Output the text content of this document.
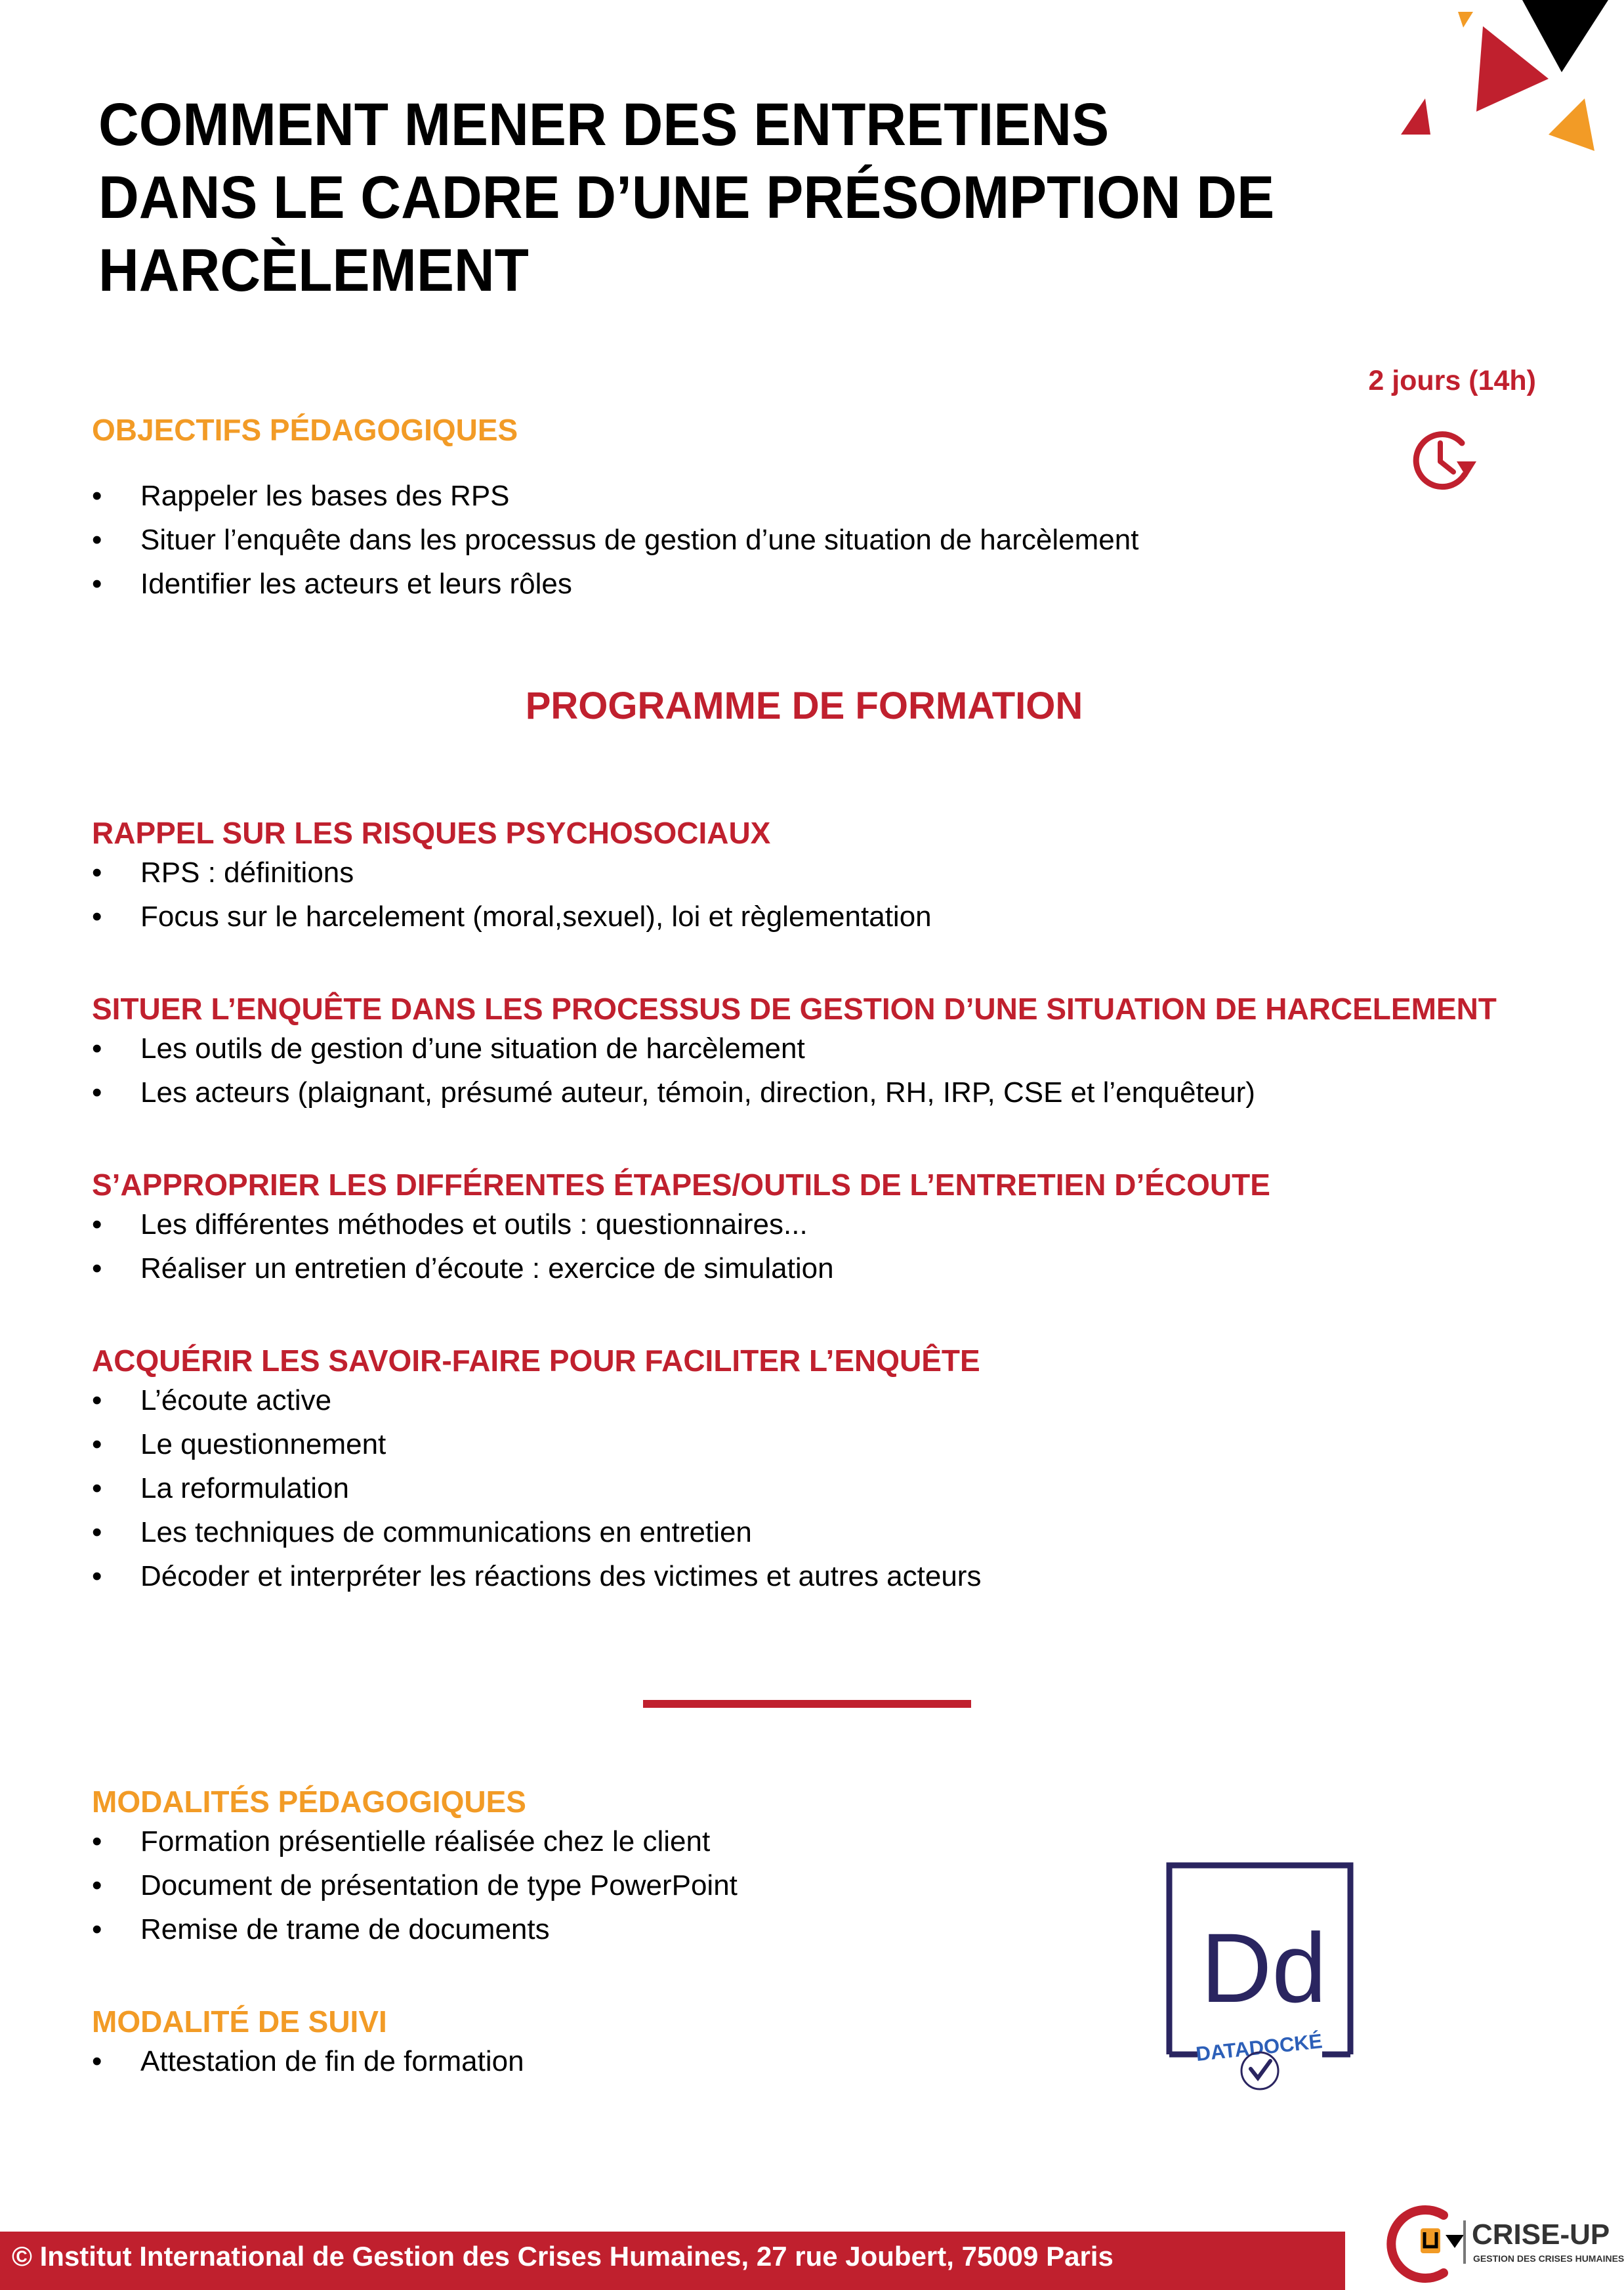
COMMENT MENER DES ENTRETIENS
DANS LE CADRE D’UNE PRÉSOMPTION DE
HARCÈLEMENT
2 jours (14h)
OBJECTIFS PÉDAGOGIQUES
• Rappeler les bases des RPS
• Situer l’enquête dans les processus de gestion d’une situation de harcèlement
• Identifier les acteurs et leurs rôles
PROGRAMME DE FORMATION
RAPPEL SUR LES RISQUES PSYCHOSOCIAUX
• RPS : définitions
• Focus sur le harcelement (moral,sexuel), loi et règlementation
SITUER L’ENQUÊTE DANS LES PROCESSUS DE GESTION D’UNE SITUATION DE HARCELEMENT
• Les outils de gestion d’une situation de harcèlement
• Les acteurs (plaignant, présumé auteur, témoin, direction, RH, IRP, CSE et l’enquêteur)
S’APPROPRIER LES DIFFÉRENTES ÉTAPES/OUTILS DE L’ENTRETIEN D’ÉCOUTE
• Les différentes méthodes et outils : questionnaires...
• Réaliser un entretien d’écoute : exercice de simulation
ACQUÉRIR LES SAVOIR-FAIRE POUR FACILITER L’ENQUÊTE
• L’écoute active
• Le questionnement
• La reformulation
• Les techniques de communications en entretien
• Décoder et interpréter les réactions des victimes et autres acteurs
MODALITÉS PÉDAGOGIQUES
• Formation présentielle réalisée chez le client
• Document de présentation de type PowerPoint
• Remise de trame de documents
MODALITÉ DE SUIVI
• Attestation de fin de formation
Dd
DATADOCKÉ
© Institut International de Gestion des Crises Humaines, 27 rue Joubert, 75009 Paris
CRISE-UP
GESTION DES CRISES HUMAINES
